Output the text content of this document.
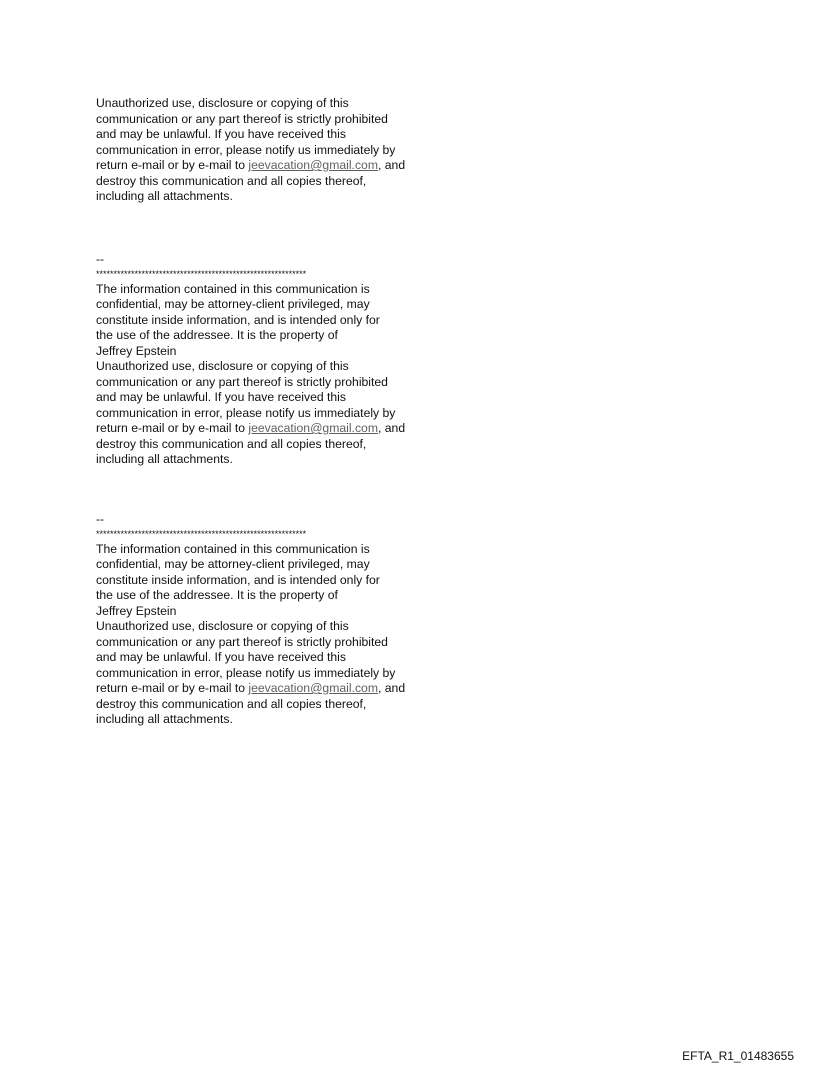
Unauthorized use, disclosure or copying of this
communication or any part thereof is strictly prohibited
and may be unlawful. If you have received this
communication in error, please notify us immediately by
return e-mail or by e-mail to jeevacation@gmail.com, and
destroy this communication and all copies thereof,
including all attachments.
--
************************************************************
The information contained in this communication is
confidential, may be attorney-client privileged, may
constitute inside information, and is intended only for
the use of the addressee. It is the property of
Jeffrey Epstein
Unauthorized use, disclosure or copying of this
communication or any part thereof is strictly prohibited
and may be unlawful. If you have received this
communication in error, please notify us immediately by
return e-mail or by e-mail to jeevacation@gmail.com, and
destroy this communication and all copies thereof,
including all attachments.
--
************************************************************
The information contained in this communication is
confidential, may be attorney-client privileged, may
constitute inside information, and is intended only for
the use of the addressee. It is the property of
Jeffrey Epstein
Unauthorized use, disclosure or copying of this
communication or any part thereof is strictly prohibited
and may be unlawful. If you have received this
communication in error, please notify us immediately by
return e-mail or by e-mail to jeevacation@gmail.com, and
destroy this communication and all copies thereof,
including all attachments.
EFTA_R1_01483655
